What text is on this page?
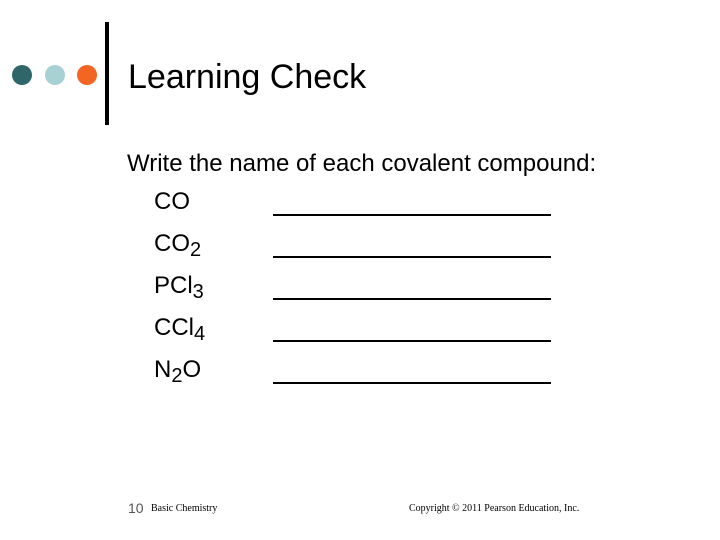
Learning Check
Write the name of each covalent compound:
CO
$CO_2$
PCl$_3$
CCl$_4$
$N_2O$
10 Basic Chemistry	Copyright © 2011 Pearson Education, Inc.
